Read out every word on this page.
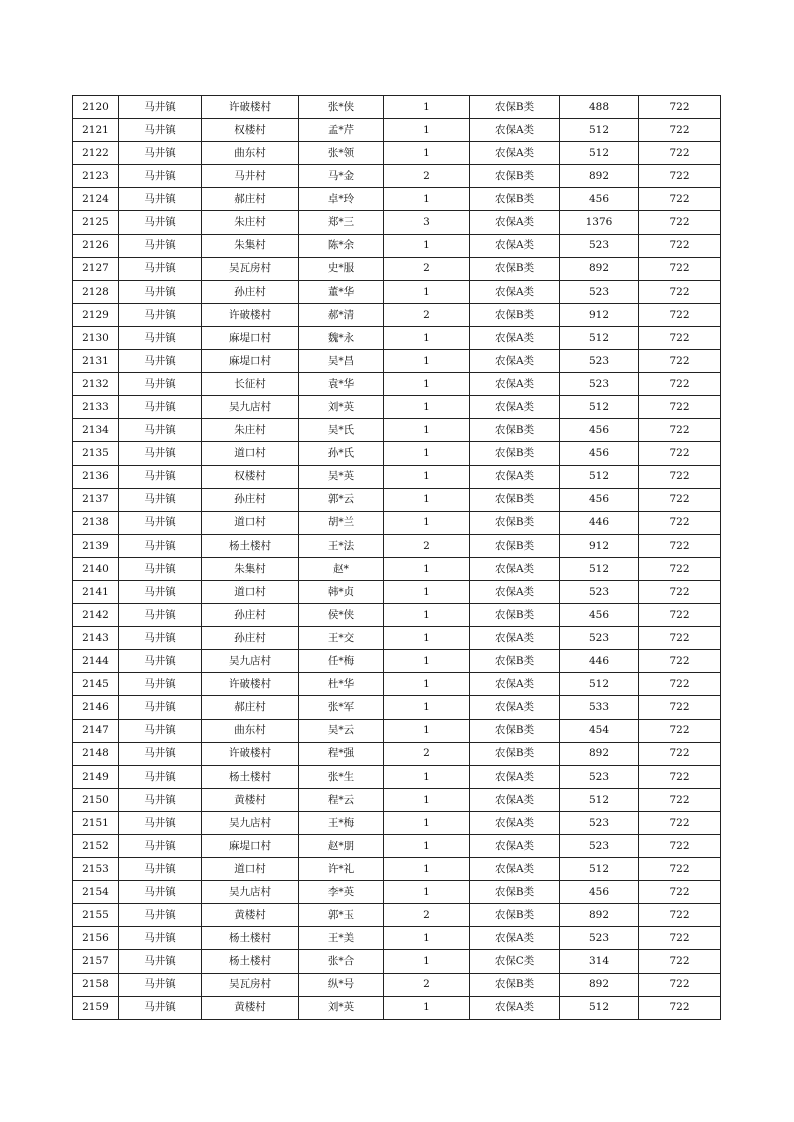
2120	马井镇	许破楼村	张*侠	1	农保B类	488	722
2121	马井镇	权楼村	孟*芹	1	农保A类	512	722
2122	马井镇	曲东村	张*领	1	农保A类	512	722
2123	马井镇	马井村	马*金	2	农保B类	892	722
2124	马井镇	郝庄村	卓*玲	1	农保B类	456	722
2125	马井镇	朱庄村	郑*三	3	农保A类	1376	722
2126	马井镇	朱集村	陈*余	1	农保A类	523	722
2127	马井镇	吴瓦房村	史*服	2	农保B类	892	722
2128	马井镇	孙庄村	董*华	1	农保A类	523	722
2129	马井镇	许破楼村	郝*清	2	农保B类	912	722
2130	马井镇	麻堤口村	魏*永	1	农保A类	512	722
2131	马井镇	麻堤口村	吴*昌	1	农保A类	523	722
2132	马井镇	长征村	袁*华	1	农保A类	523	722
2133	马井镇	吴九店村	刘*英	1	农保A类	512	722
2134	马井镇	朱庄村	吴*氏	1	农保B类	456	722
2135	马井镇	道口村	孙*氏	1	农保B类	456	722
2136	马井镇	权楼村	吴*英	1	农保A类	512	722
2137	马井镇	孙庄村	郭*云	1	农保B类	456	722
2138	马井镇	道口村	胡*兰	1	农保B类	446	722
2139	马井镇	杨土楼村	王*法	2	农保B类	912	722
2140	马井镇	朱集村	赵*	1	农保A类	512	722
2141	马井镇	道口村	韩*贞	1	农保A类	523	722
2142	马井镇	孙庄村	侯*侠	1	农保B类	456	722
2143	马井镇	孙庄村	王*交	1	农保A类	523	722
2144	马井镇	吴九店村	任*梅	1	农保B类	446	722
2145	马井镇	许破楼村	杜*华	1	农保A类	512	722
2146	马井镇	郝庄村	张*军	1	农保A类	533	722
2147	马井镇	曲东村	吴*云	1	农保B类	454	722
2148	马井镇	许破楼村	程*强	2	农保B类	892	722
2149	马井镇	杨土楼村	张*生	1	农保A类	523	722
2150	马井镇	黄楼村	程*云	1	农保A类	512	722
2151	马井镇	吴九店村	王*梅	1	农保A类	523	722
2152	马井镇	麻堤口村	赵*朋	1	农保A类	523	722
2153	马井镇	道口村	许*礼	1	农保A类	512	722
2154	马井镇	吴九店村	李*英	1	农保B类	456	722
2155	马井镇	黄楼村	郭*玉	2	农保B类	892	722
2156	马井镇	杨土楼村	王*美	1	农保A类	523	722
2157	马井镇	杨土楼村	张*合	1	农保C类	314	722
2158	马井镇	吴瓦房村	纵*号	2	农保B类	892	722
2159	马井镇	黄楼村	刘*英	1	农保A类	512	722
